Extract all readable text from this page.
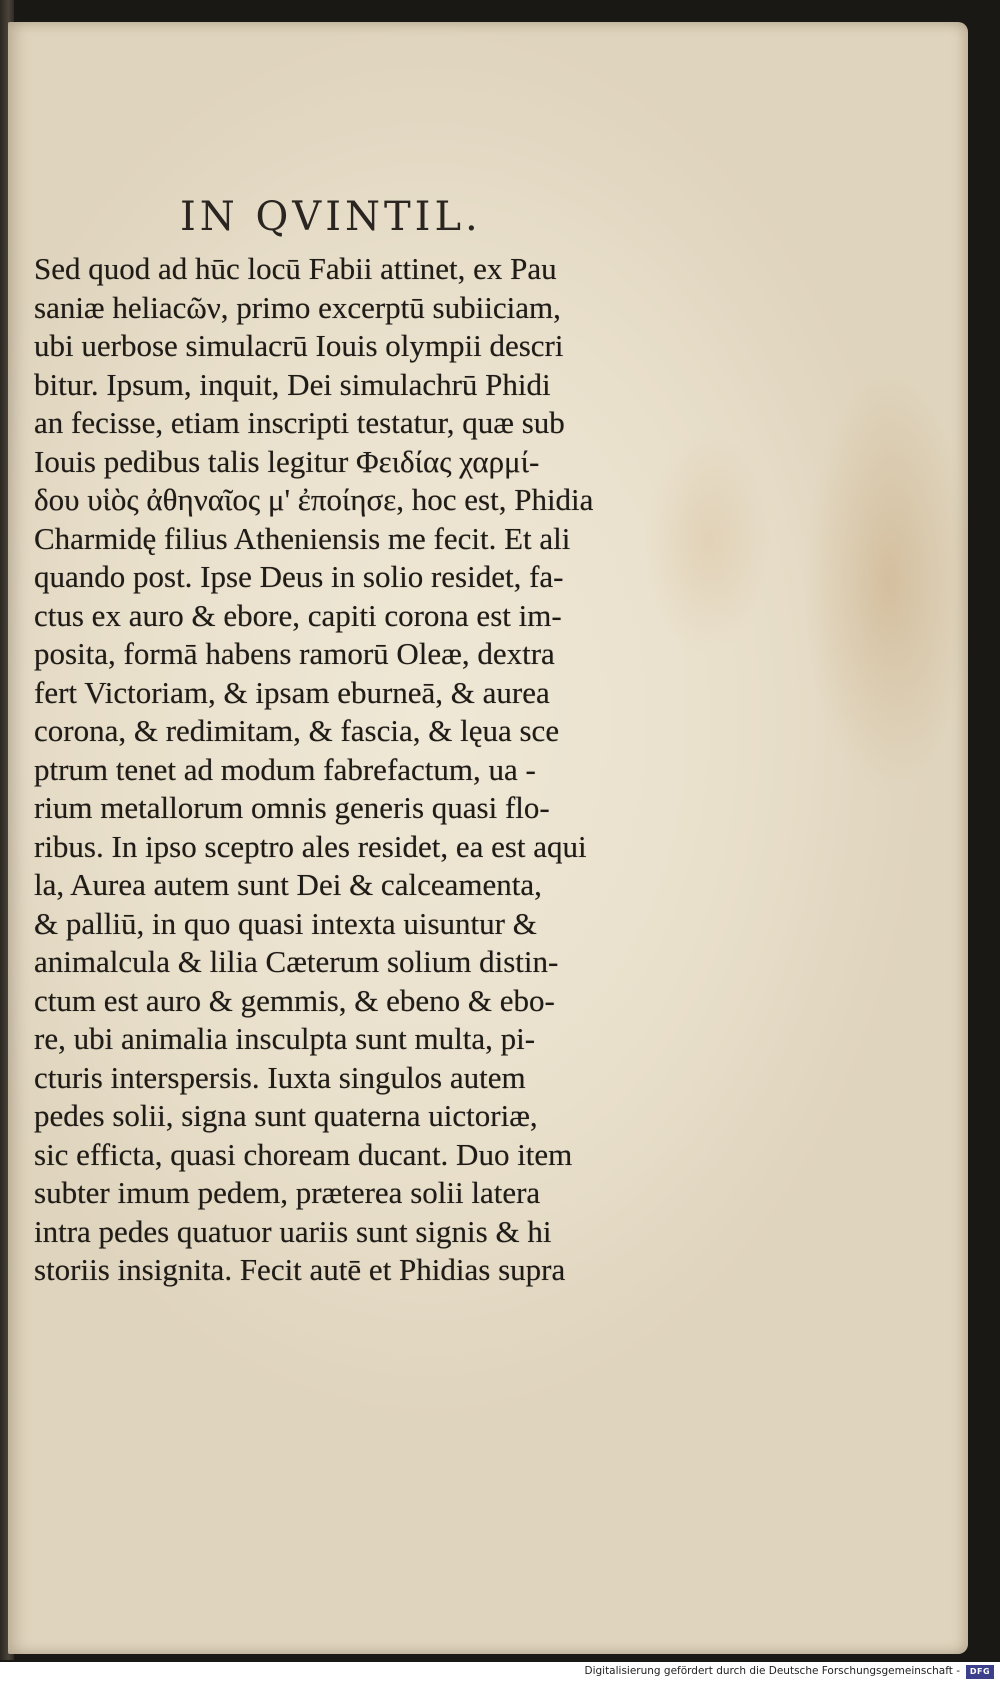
IN QVINTIL.
Sed quod ad hūc locū Fabii attinet, ex Pau
saniæ heliacῶν, primo excerptū subiiciam,
ubi uerbose simulacrū Iouis olympii descri
bitur. Ipsum, inquit, Dei simulachrū Phidi
an fecisse, etiam inscripti testatur, quæ sub
Iouis pedibus talis legitur Φειδίας χαρμί-
δου υἱὸς ἀθηναῖος μ' ἐποίησε, hoc est, Phidia
Charmidę filius Atheniensis me fecit. Et ali
quando post. Ipse Deus in solio residet, fa-
ctus ex auro & ebore, capiti corona est im-
posita, formā habens ramorū Oleæ, dextra
fert Victoriam, & ipsam eburneā, & aurea
corona, & redimitam, & fascia, & lęua sce
ptrum tenet ad modum fabrefactum, ua -
rium metallorum omnis generis quasi flo-
ribus. In ipso sceptro ales residet, ea est aqui
la, Aurea autem sunt Dei & calceamenta,
& palliū, in quo quasi intexta uisuntur &
animalcula & lilia Cæterum solium distin-
ctum est auro & gemmis, & ebeno & ebo-
re, ubi animalia insculpta sunt multa, pi-
cturis interspersis. Iuxta singulos autem
pedes solii, signa sunt quaterna uictoriæ,
sic efficta, quasi choream ducant. Duo item
subter imum pedem, præterea solii latera
intra pedes quatuor uariis sunt signis & hi
storiis insignita. Fecit autē et Phidias supra
Digitalisierung gefördert durch die Deutsche Forschungsgemeinschaft -	DFG
